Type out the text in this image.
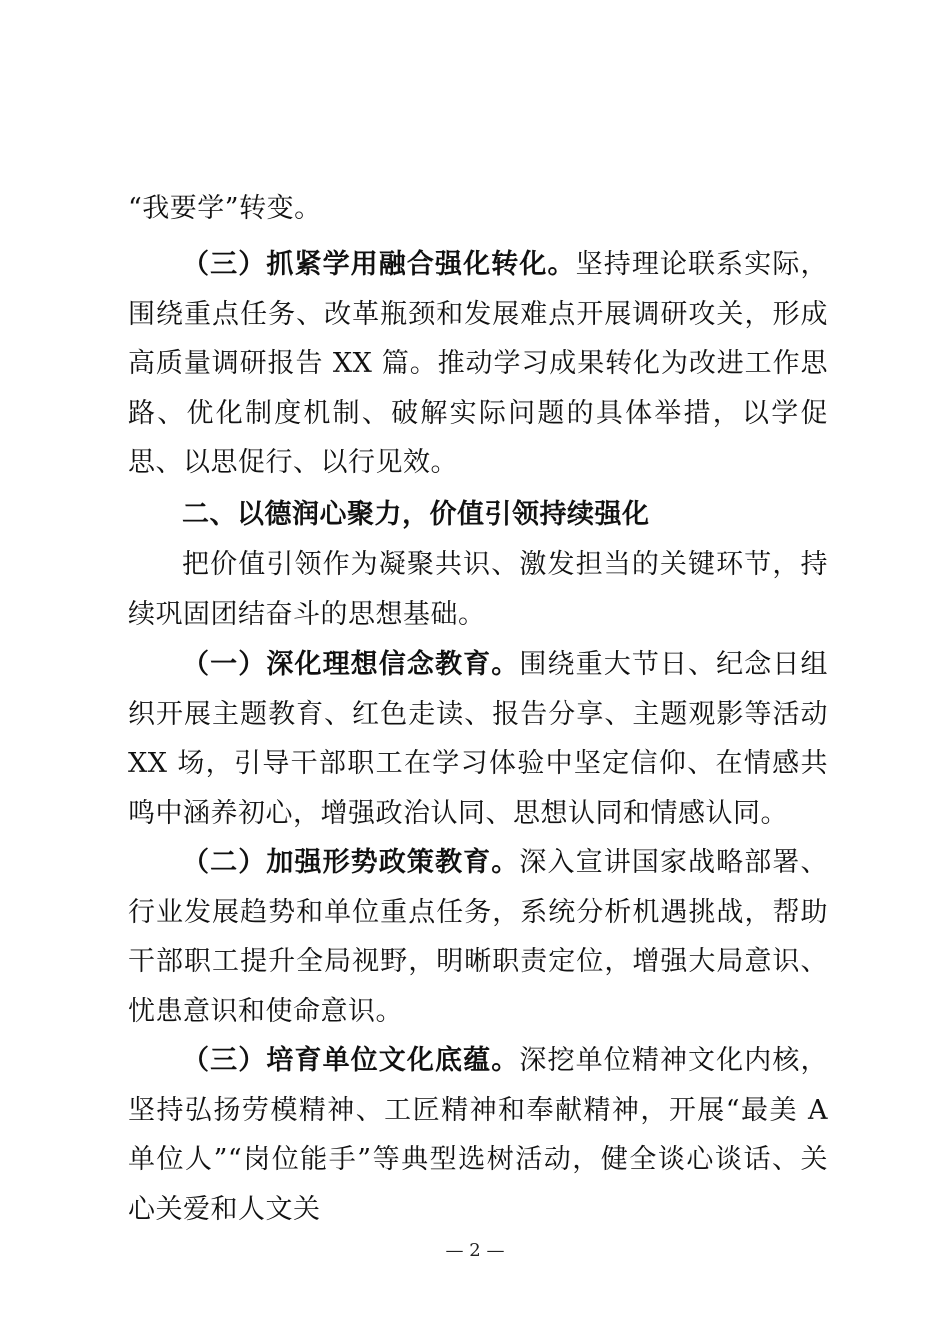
“我要学”转变。

（三）抓紧学用融合强化转化。坚持理论联系实际，围绕重点任务、改革瓶颈和发展难点开展调研攻关，形成高质量调研报告 XX 篇。推动学习成果转化为改进工作思路、优化制度机制、破解实际问题的具体举措，以学促思、以思促行、以行见效。

二、以德润心聚力，价值引领持续强化

把价值引领作为凝聚共识、激发担当的关键环节，持续巩固团结奋斗的思想基础。

（一）深化理想信念教育。围绕重大节日、纪念日组织开展主题教育、红色走读、报告分享、主题观影等活动 XX 场，引导干部职工在学习体验中坚定信仰、在情感共鸣中涵养初心，增强政治认同、思想认同和情感认同。

（二）加强形势政策教育。深入宣讲国家战略部署、行业发展趋势和单位重点任务，系统分析机遇挑战，帮助干部职工提升全局视野，明晰职责定位，增强大局意识、忧患意识和使命意识。

（三）培育单位文化底蕴。深挖单位精神文化内核，坚持弘扬劳模精神、工匠精神和奉献精神，开展“最美 A 单位人”“岗位能手”等典型选树活动，健全谈心谈话、关心关爱和人文关

— 2 —
